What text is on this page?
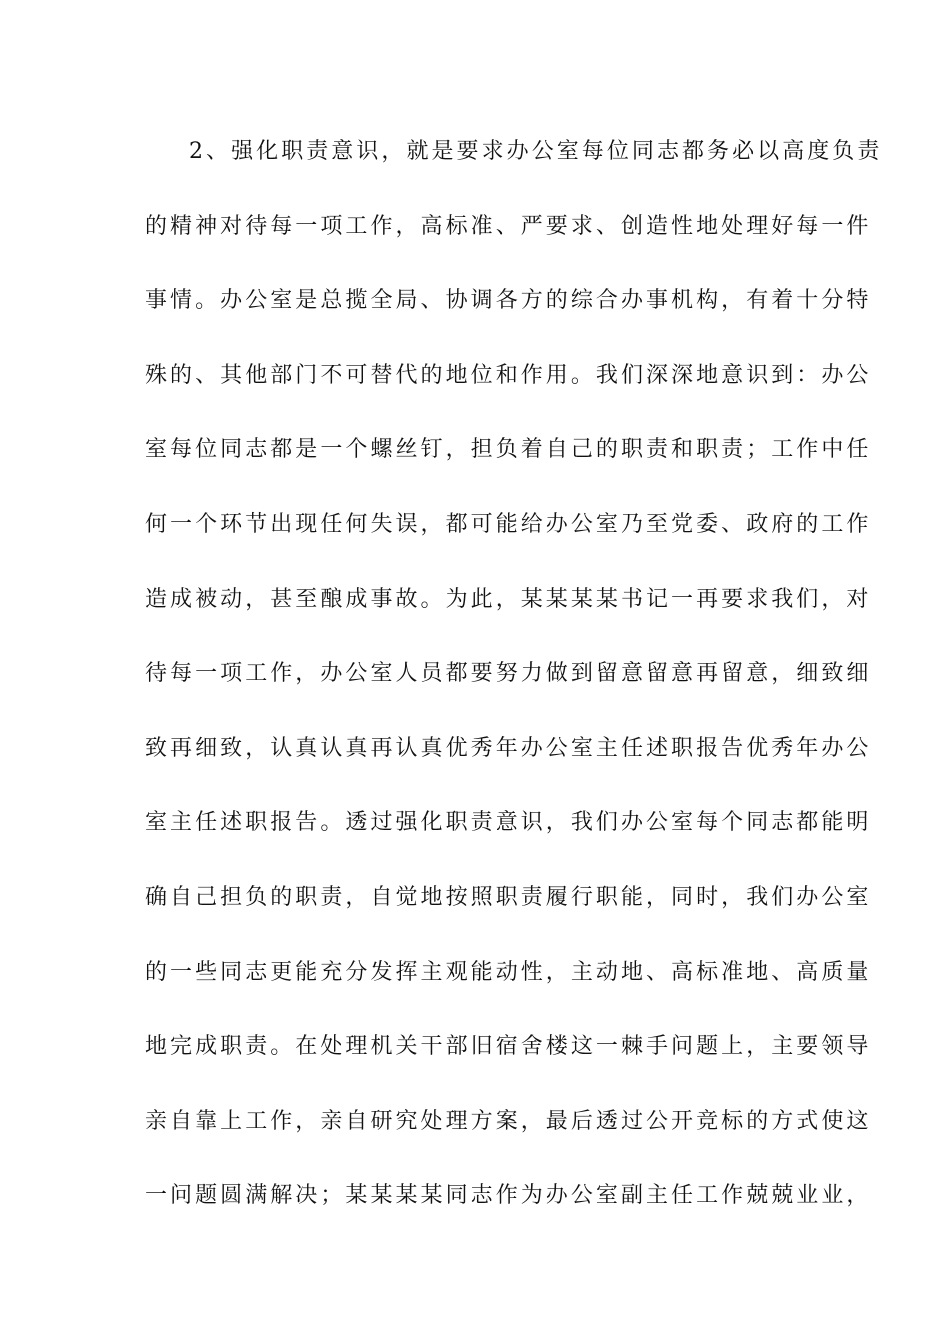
2、强化职责意识，就是要求办公室每位同志都务必以高度负责
的精神对待每一项工作，高标准、严要求、创造性地处理好每一件
事情。办公室是总揽全局、协调各方的综合办事机构，有着十分特
殊的、其他部门不可替代的地位和作用。我们深深地意识到：办公
室每位同志都是一个螺丝钉，担负着自己的职责和职责；工作中任
何一个环节出现任何失误，都可能给办公室乃至党委、政府的工作
造成被动，甚至酿成事故。为此，某某某某书记一再要求我们，对
待每一项工作，办公室人员都要努力做到留意留意再留意，细致细
致再细致，认真认真再认真优秀年办公室主任述职报告优秀年办公
室主任述职报告。透过强化职责意识，我们办公室每个同志都能明
确自己担负的职责，自觉地按照职责履行职能，同时，我们办公室
的一些同志更能充分发挥主观能动性，主动地、高标准地、高质量
地完成职责。在处理机关干部旧宿舍楼这一棘手问题上，主要领导
亲自靠上工作，亲自研究处理方案，最后透过公开竞标的方式使这
一问题圆满解决；某某某某同志作为办公室副主任工作兢兢业业，
